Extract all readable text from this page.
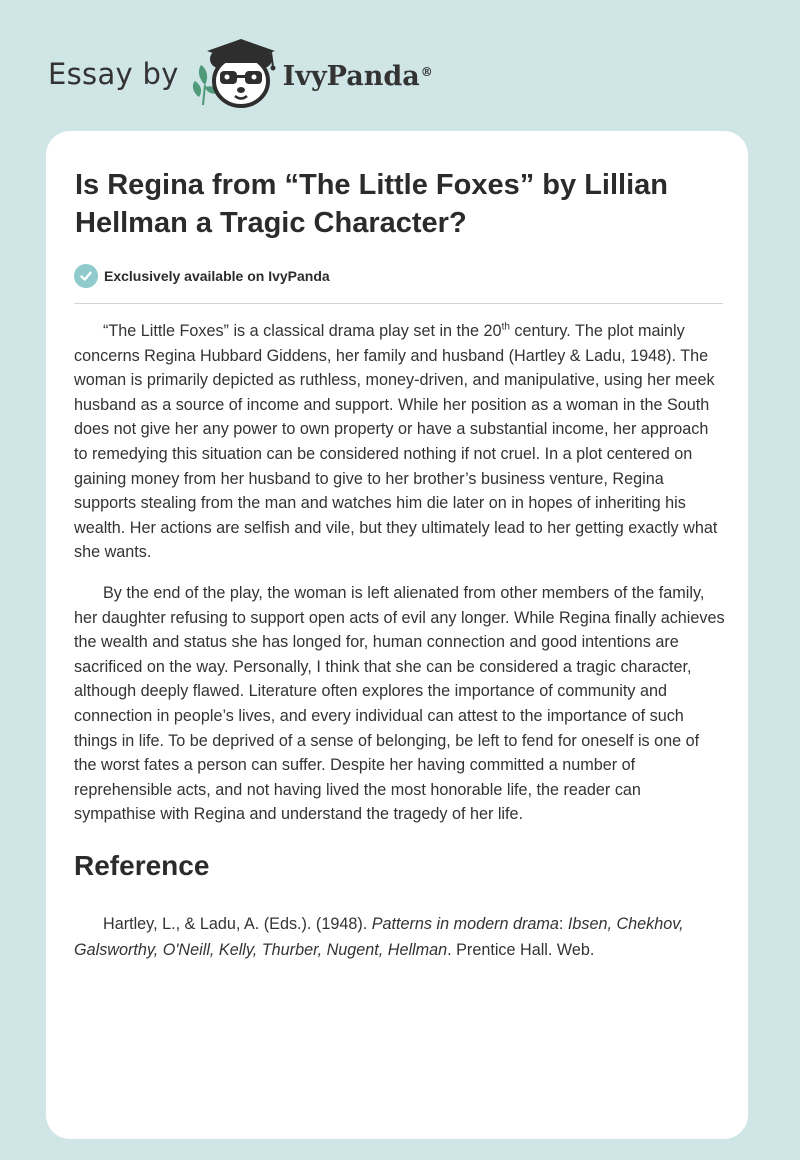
Essay by	IvyPanda®
Is Regina from “The Little Foxes” by Lillian Hellman a Tragic Character?
Exclusively available on IvyPanda

“The Little Foxes” is a classical drama play set in the 20th century. The plot mainly concerns Regina Hubbard Giddens, her family and husband (Hartley & Ladu, 1948). The woman is primarily depicted as ruthless, money-driven, and manipulative, using her meek husband as a source of income and support. While her position as a woman in the South does not give her any power to own property or have a substantial income, her approach to remedying this situation can be considered nothing if not cruel. In a plot centered on gaining money from her husband to give to her brother’s business venture, Regina supports stealing from the man and watches him die later on in hopes of inheriting his wealth. Her actions are selfish and vile, but they ultimately lead to her getting exactly what she wants.

By the end of the play, the woman is left alienated from other members of the family, her daughter refusing to support open acts of evil any longer. While Regina finally achieves the wealth and status she has longed for, human connection and good intentions are sacrificed on the way. Personally, I think that she can be considered a tragic character, although deeply flawed. Literature often explores the importance of community and connection in people’s lives, and every individual can attest to the importance of such things in life. To be deprived of a sense of belonging, be left to fend for oneself is one of the worst fates a person can suffer. Despite her having committed a number of reprehensible acts, and not having lived the most honorable life, the reader can sympathise with Regina and understand the tragedy of her life.

Reference

Hartley, L., & Ladu, A. (Eds.). (1948). Patterns in modern drama: Ibsen, Chekhov, Galsworthy, O'Neill, Kelly, Thurber, Nugent, Hellman. Prentice Hall. Web.
